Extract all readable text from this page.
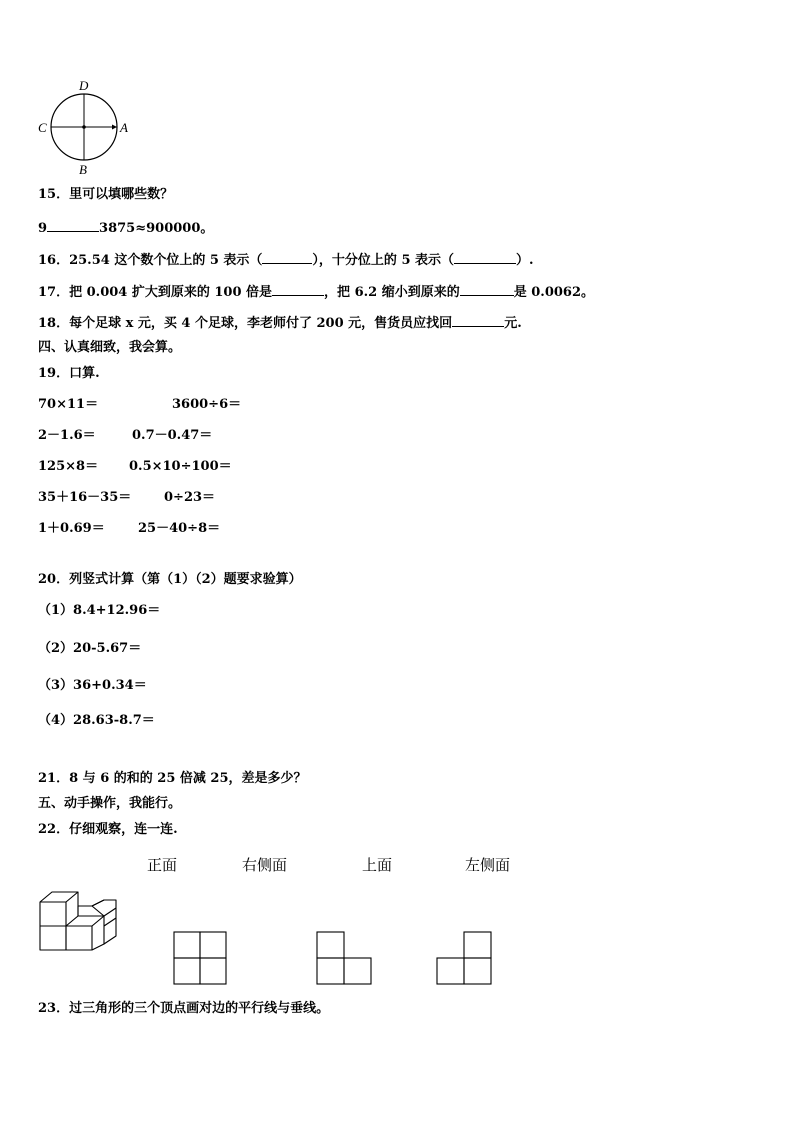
D
A
B
C
15．里可以填哪些数？
9	3875≈900000。
16．25.54 这个数个位上的 5 表示（	），十分位上的 5 表示（	）.
17．把 0.004 扩大到原来的 100 倍是	，把 6.2 缩小到原来的	是 0.0062。
18．每个足球 x 元，买 4 个足球，李老师付了 200 元，售货员应找回	元.
四、认真细致，我会算。
19．口算.
70×11＝	3600÷6＝
2－1.6＝	0.7－0.47＝
125×8＝ 0.5×10÷100＝
35＋16－35＝	0÷23＝
1＋0.69＝	25－40÷8＝
20．列竖式计算（第（1）（2）题要求验算）
（1）8.4+12.96＝
（2）20-5.67＝
（3）36+0.34＝
（4）28.63-8.7＝
21．8 与 6 的和的 25 倍减 25，差是多少？
五、动手操作，我能行。
22．仔细观察，连一连.
正面	右侧面	上面	左侧面
23．过三角形的三个顶点画对边的平行线与垂线。
